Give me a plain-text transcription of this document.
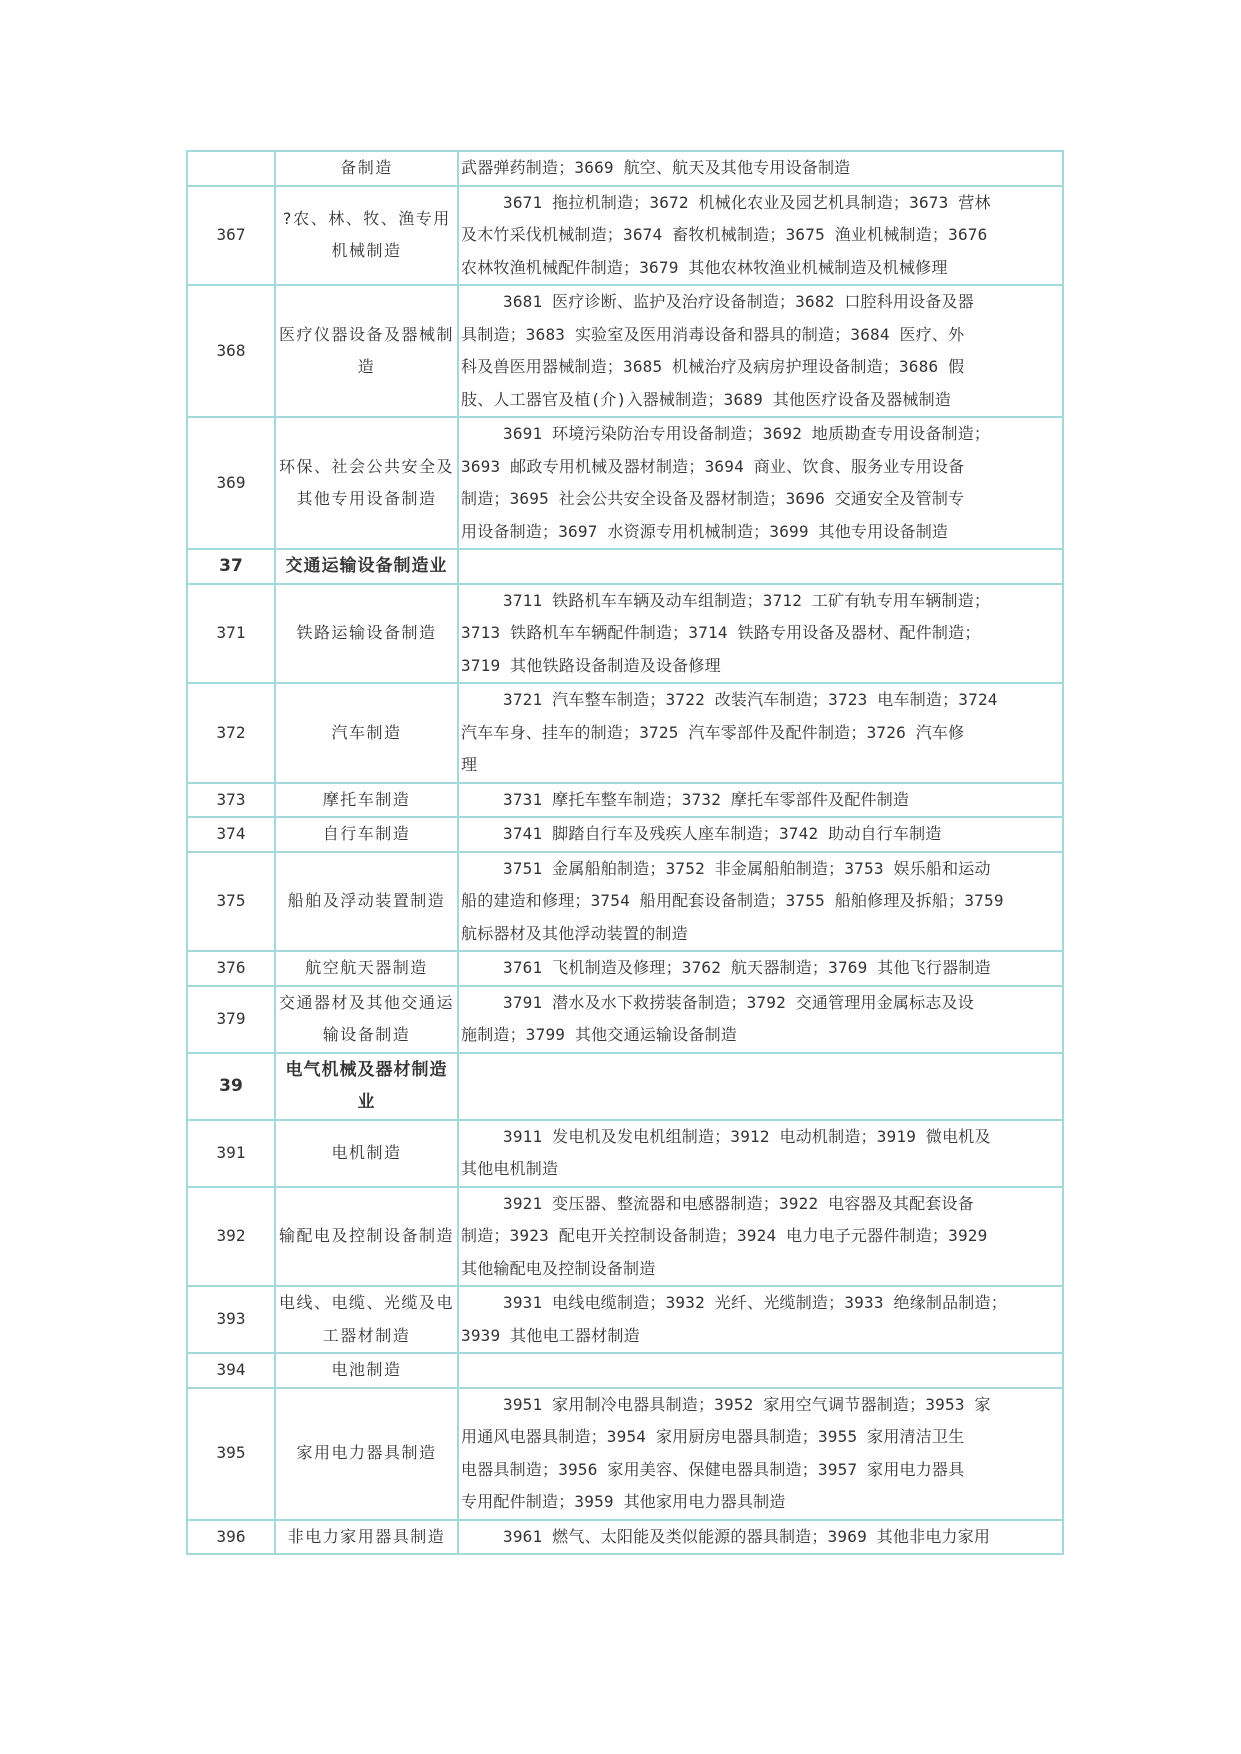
	备制造	武器弹药制造；3669 航空、航天及其他专用设备制造

367	?农、林、牧、渔专用机械制造	3671 拖拉机制造；3672 机械化农业及园艺机具制造；3673 营林
及木竹采伐机械制造；3674 畜牧机械制造；3675 渔业机械制造；3676
农林牧渔机械配件制造；3679 其他农林牧渔业机械制造及机械修理

368	医疗仪器设备及器械制造	3681 医疗诊断、监护及治疗设备制造；3682 口腔科用设备及器
具制造；3683 实验室及医用消毒设备和器具的制造；3684 医疗、外
科及兽医用器械制造；3685 机械治疗及病房护理设备制造；3686 假
肢、人工器官及植(介)入器械制造；3689 其他医疗设备及器械制造

369	环保、社会公共安全及其他专用设备制造	3691 环境污染防治专用设备制造；3692 地质勘查专用设备制造；
3693 邮政专用机械及器材制造；3694 商业、饮食、服务业专用设备
制造；3695 社会公共安全设备及器材制造；3696 交通安全及管制专
用设备制造；3697 水资源专用机械制造；3699 其他专用设备制造

37	交通运输设备制造业	

371	铁路运输设备制造	3711 铁路机车车辆及动车组制造；3712 工矿有轨专用车辆制造；
3713 铁路机车车辆配件制造；3714 铁路专用设备及器材、配件制造；
3719 其他铁路设备制造及设备修理

372	汽车制造	3721 汽车整车制造；3722 改装汽车制造；3723 电车制造；3724
汽车车身、挂车的制造；3725 汽车零部件及配件制造；3726 汽车修
理

373	摩托车制造	3731 摩托车整车制造；3732 摩托车零部件及配件制造

374	自行车制造	3741 脚踏自行车及残疾人座车制造；3742 助动自行车制造

375	船舶及浮动装置制造	3751 金属船舶制造；3752 非金属船舶制造；3753 娱乐船和运动
船的建造和修理；3754 船用配套设备制造；3755 船舶修理及拆船；3759
航标器材及其他浮动装置的制造

376	航空航天器制造	3761 飞机制造及修理；3762 航天器制造；3769 其他飞行器制造

379	交通器材及其他交通运输设备制造	3791 潜水及水下救捞装备制造；3792 交通管理用金属标志及设
施制造；3799 其他交通运输设备制造

39	电气机械及器材制造业	

391	电机制造	3911 发电机及发电机组制造；3912 电动机制造；3919 微电机及
其他电机制造

392	输配电及控制设备制造	3921 变压器、整流器和电感器制造；3922 电容器及其配套设备
制造；3923 配电开关控制设备制造；3924 电力电子元器件制造；3929
其他输配电及控制设备制造

393	电线、电缆、光缆及电工器材制造	3931 电线电缆制造；3932 光纤、光缆制造；3933 绝缘制品制造；
3939 其他电工器材制造

394	电池制造	

395	家用电力器具制造	3951 家用制冷电器具制造；3952 家用空气调节器制造；3953 家
用通风电器具制造；3954 家用厨房电器具制造；3955 家用清洁卫生
电器具制造；3956 家用美容、保健电器具制造；3957 家用电力器具
专用配件制造；3959 其他家用电力器具制造

396	非电力家用器具制造	3961 燃气、太阳能及类似能源的器具制造；3969 其他非电力家用
